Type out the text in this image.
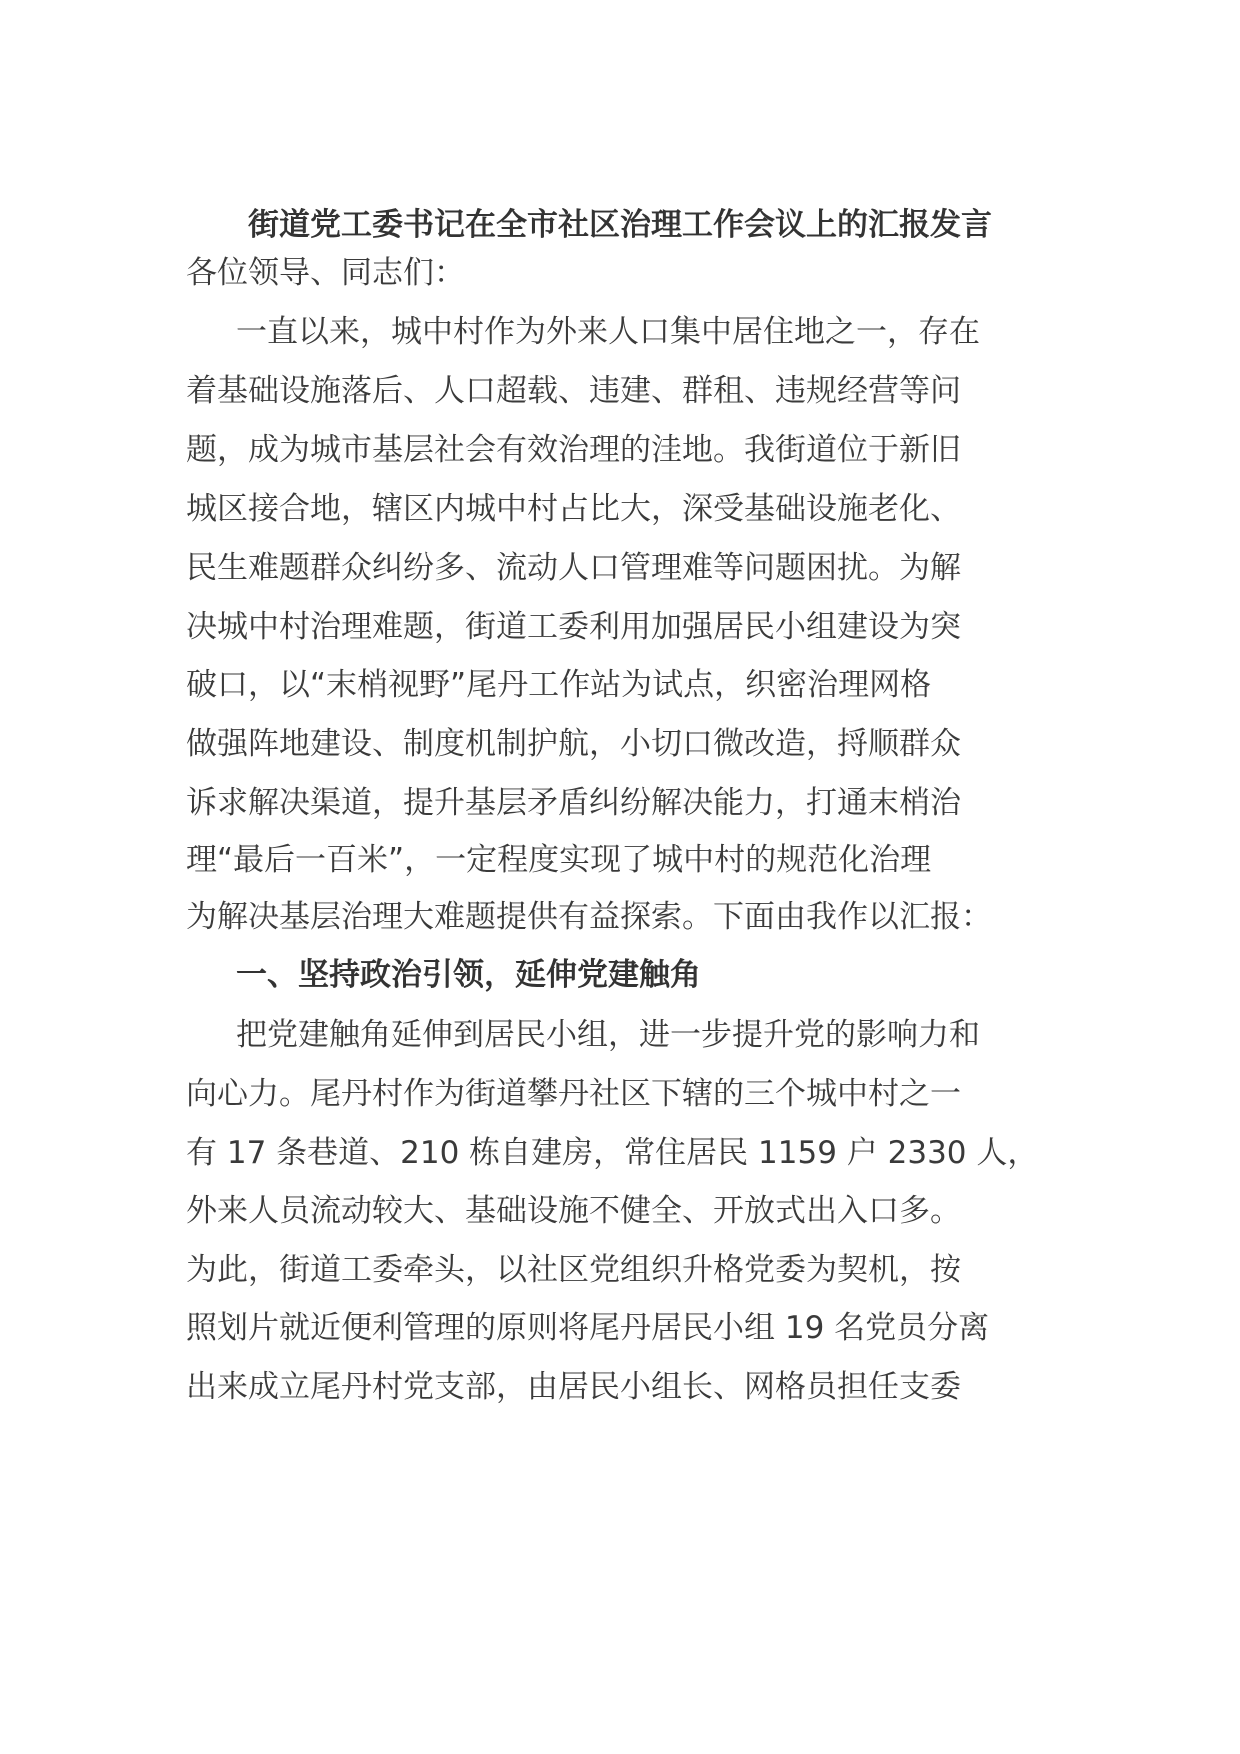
街道党工委书记在全市社区治理工作会议上的汇报发言
各位领导、同志们：
一直以来，城中村作为外来人口集中居住地之一，存在
着基础设施落后、人口超载、违建、群租、违规经营等问
题，成为城市基层社会有效治理的洼地。我街道位于新旧
城区接合地，辖区内城中村占比大，深受基础设施老化、
民生难题群众纠纷多、流动人口管理难等问题困扰。为解
决城中村治理难题，街道工委利用加强居民小组建设为突
破口，以“末梢视野”尾丹工作站为试点，织密治理网格
做强阵地建设、制度机制护航，小切口微改造，捋顺群众
诉求解决渠道，提升基层矛盾纠纷解决能力，打通末梢治
理“最后一百米”，一定程度实现了城中村的规范化治理
为解决基层治理大难题提供有益探索。下面由我作以汇报：
一、坚持政治引领，延伸党建触角
把党建触角延伸到居民小组，进一步提升党的影响力和
向心力。尾丹村作为街道攀丹社区下辖的三个城中村之一
有 17 条巷道、210 栋自建房，常住居民 1159 户 2330 人，
外来人员流动较大、基础设施不健全、开放式出入口多。
为此，街道工委牵头，以社区党组织升格党委为契机，按
照划片就近便利管理的原则将尾丹居民小组 19 名党员分离
出来成立尾丹村党支部，由居民小组长、网格员担任支委
